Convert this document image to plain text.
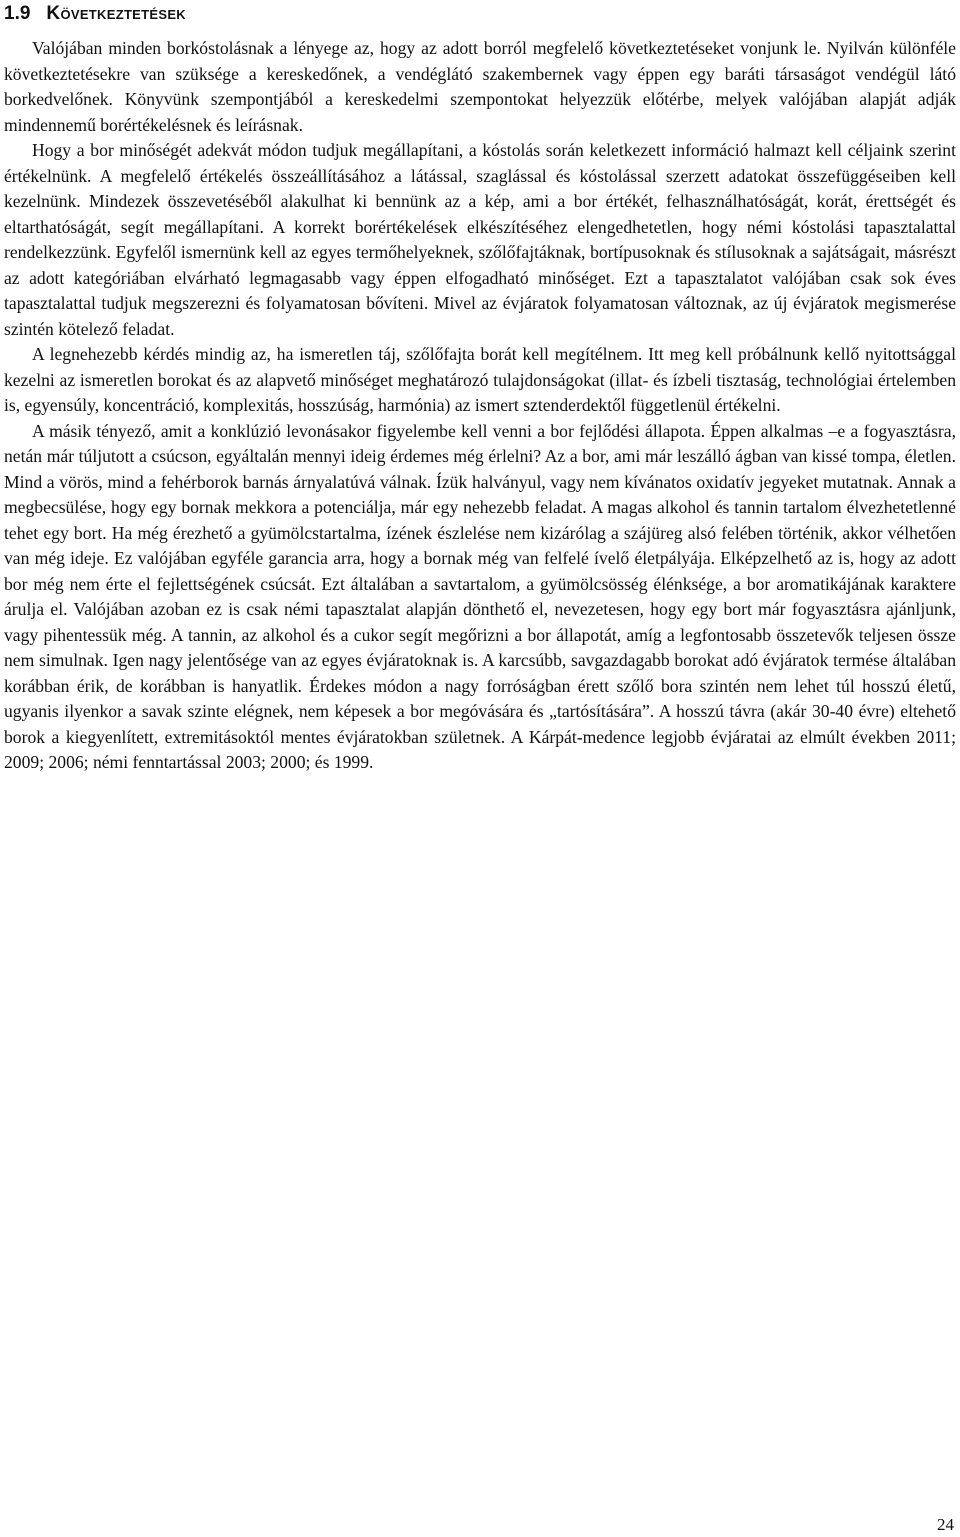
1.9 Következtetések

Valójában minden borkóstolásnak a lényege az, hogy az adott borról megfelelő következtetéseket vonjunk le. Nyilván különféle következtetésekre van szüksége a kereskedőnek, a vendéglátó szakembernek vagy éppen egy baráti társaságot vendégül látó borkedvelőnek. Könyvünk szempontjából a kereskedelmi szempontokat helyezzük előtérbe, melyek valójában alapját adják mindennemű borértékelésnek és leírásnak.

Hogy a bor minőségét adekvát módon tudjuk megállapítani, a kóstolás során keletkezett információ halmazt kell céljaink szerint értékelnünk. A megfelelő értékelés összeállításához a látással, szaglással és kóstolással szerzett adatokat összefüggéseiben kell kezelnünk. Mindezek összevetéséből alakulhat ki bennünk az a kép, ami a bor értékét, felhasználhatóságát, korát, érettségét és eltarthatóságát, segít megállapítani. A korrekt borértékelések elkészítéséhez elengedhetetlen, hogy némi kóstolási tapasztalattal rendelkezzünk. Egyfelől ismernünk kell az egyes termőhelyeknek, szőlőfajtáknak, bortípusoknak és stílusoknak a sajátságait, másrészt az adott kategóriában elvárható legmagasabb vagy éppen elfogadható minőséget. Ezt a tapasztalatot valójában csak sok éves tapasztalattal tudjuk megszerezni és folyamatosan bővíteni. Mivel az évjáratok folyamatosan változnak, az új évjáratok megismerése szintén kötelező feladat.

A legnehezebb kérdés mindig az, ha ismeretlen táj, szőlőfajta borát kell megítélnem. Itt meg kell próbálnunk kellő nyitottsággal kezelni az ismeretlen borokat és az alapvető minőséget meghatározó tulajdonságokat (illat- és ízbeli tisztaság, technológiai értelemben is, egyensúly, koncentráció, komplexitás, hosszúság, harmónia) az ismert sztenderdektől függetlenül értékelni.

A másik tényező, amit a konklúzió levonásakor figyelembe kell venni a bor fejlődési állapota. Éppen alkalmas –e a fogyasztásra, netán már túljutott a csúcson, egyáltalán mennyi ideig érdemes még érlelni? Az a bor, ami már leszálló ágban van kissé tompa, életlen. Mind a vörös, mind a fehérborok barnás árnyalatúvá válnak. Ízük halványul, vagy nem kívánatos oxidatív jegyeket mutatnak. Annak a megbecsülése, hogy egy bornak mekkora a potenciálja, már egy nehezebb feladat. A magas alkohol és tannin tartalom élvezhetetlenné tehet egy bort. Ha még érezhető a gyümölcstartalma, ízének észlelése nem kizárólag a szájüreg alsó felében történik, akkor vélhetően van még ideje. Ez valójában egyféle garancia arra, hogy a bornak még van felfelé ívelő életpályája. Elképzelhető az is, hogy az adott bor még nem érte el fejlettségének csúcsát. Ezt általában a savtartalom, a gyümölcsösség élénksége, a bor aromatikájának karaktere árulja el. Valójában azoban ez is csak némi tapasztalat alapján dönthető el, nevezetesen, hogy egy bort már fogyasztásra ajánljunk, vagy pihentessük még. A tannin, az alkohol és a cukor segít megőrizni a bor állapotát, amíg a legfontosabb összetevők teljesen össze nem simulnak. Igen nagy jelentősége van az egyes évjáratoknak is. A karcsúbb, savgazdagabb borokat adó évjáratok termése általában korábban érik, de korábban is hanyatlik. Érdekes módon a nagy forróságban érett szőlő bora szintén nem lehet túl hosszú életű, ugyanis ilyenkor a savak szinte elégnek, nem képesek a bor megóvására és „tartósítására”. A hosszú távra (akár 30-40 évre) eltehető borok a kiegyenlített, extremitásoktól mentes évjáratokban születnek. A Kárpát-medence legjobb évjáratai az elmúlt években 2011; 2009; 2006; némi fenntartással 2003; 2000; és 1999.

24
